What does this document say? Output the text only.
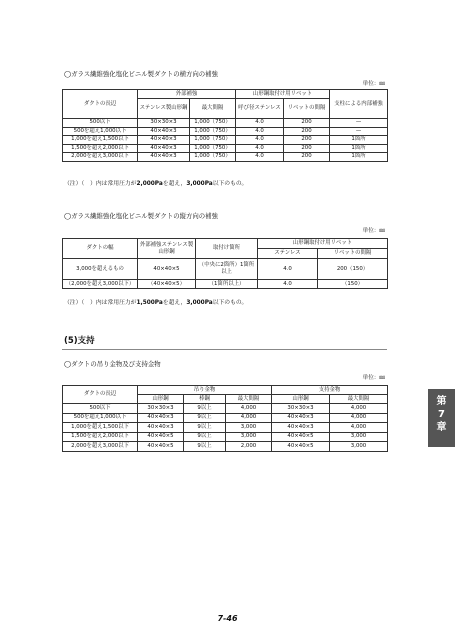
◯ガラス繊維強化塩化ビニル製ダクトの横方向の補強
単位：㎜
ダクトの長辺	外部補強		山形鋼取付け用リベット		支柱による内部補強
	ステンレス製山形鋼	最大間隔	呼び径ステンレス	リベットの間隔	
500以下	30×30×3	1,000（750）	4.0	200	—
500を超え1,000以下	40×40×3	1,000（750）	4.0	200	—
1,000を超え1,500以下	40×40×3	1,000（750）	4.0	200	1箇所
1,500を超え2,000以下	40×40×3	1,000（750）	4.0	200	1箇所
2,000を超え3,000以下	40×40×3	1,000（750）	4.0	200	1箇所
（注）（　）内は常用圧力が2,000Paを超え，3,000Pa以下のもの。
◯ガラス繊維強化塩化ビニル製ダクトの縦方向の補強
単位：㎜
ダクトの幅	外部補強ステンレス製山形鋼	取付け箇所	山形鋼取付け用リベット	
			ステンレス	リベットの間隔
3,000を超えるもの	40×40×5	（中央に2箇所）1箇所以上	4.0	200（150）
（2,000を超え3,000以下）	（40×40×5）	（1箇所以上）	4.0	（150）
（注）（　）内は常用圧力が1,500Paを超え，3,000Pa以下のもの。
(5)支持
◯ダクトの吊り金物及び支持金物
単位：㎜
ダクトの長辺	吊り金物			支持金物	
	山形鋼	棒鋼	最大間隔	山形鋼	最大間隔
500以下	30×30×3	9以上	4,000	30×30×3	4,000
500を超え1,000以下	40×40×3	9以上	4,000	40×40×3	4,000
1,000を超え1,500以下	40×40×3	9以上	3,000	40×40×3	4,000
1,500を超え2,000以下	40×40×5	9以上	3,000	40×40×5	3,000
2,000を超え3,000以下	40×40×5	9以上	2,000	40×40×5	3,000
第
7
章
7-46
